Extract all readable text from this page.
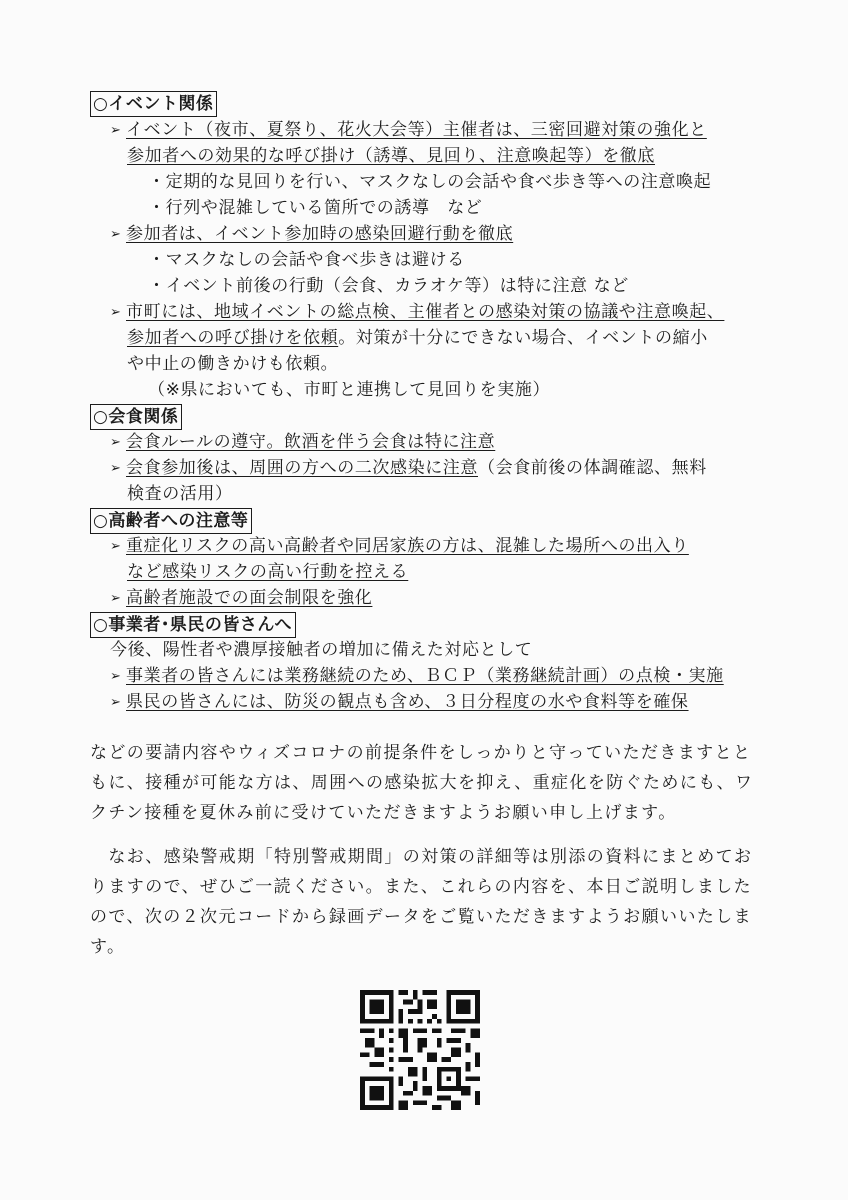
○イベント関係
➢ イベント（夜市、夏祭り、花火大会等）主催者は、三密回避対策の強化と
参加者への効果的な呼び掛け（誘導、見回り、注意喚起等）を徹底
・定期的な見回りを行い、マスクなしの会話や食べ歩き等への注意喚起
・行列や混雑している箇所での誘導　など
➢ 参加者は、イベント参加時の感染回避行動を徹底
・マスクなしの会話や食べ歩きは避ける
・イベント前後の行動（会食、カラオケ等）は特に注意 など
➢ 市町には、地域イベントの総点検、主催者との感染対策の協議や注意喚起、
参加者への呼び掛けを依頼。対策が十分にできない場合、イベントの縮小
や中止の働きかけも依頼。
（※県においても、市町と連携して見回りを実施）
○会食関係
➢ 会食ルールの遵守。飲酒を伴う会食は特に注意
➢ 会食参加後は、周囲の方への二次感染に注意（会食前後の体調確認、無料
検査の活用）
○高齢者への注意等
➢ 重症化リスクの高い高齢者や同居家族の方は、混雑した場所への出入り
など感染リスクの高い行動を控える
➢ 高齢者施設での面会制限を強化
○事業者･県民の皆さんへ
今後、陽性者や濃厚接触者の増加に備えた対応として
➢ 事業者の皆さんには業務継続のため、ＢＣＰ（業務継続計画）の点検・実施
➢ 県民の皆さんには、防災の観点も含め、３日分程度の水や食料等を確保
などの要請内容やウィズコロナの前提条件をしっかりと守っていただきますとともに、接種が可能な方は、周囲への感染拡大を抑え、重症化を防ぐためにも、ワクチン接種を夏休み前に受けていただきますようお願い申し上げます。
　なお、感染警戒期「特別警戒期間」の対策の詳細等は別添の資料にまとめておりますので、ぜひご一読ください。また、これらの内容を、本日ご説明しましたので、次の２次元コードから録画データをご覧いただきますようお願いいたします。
